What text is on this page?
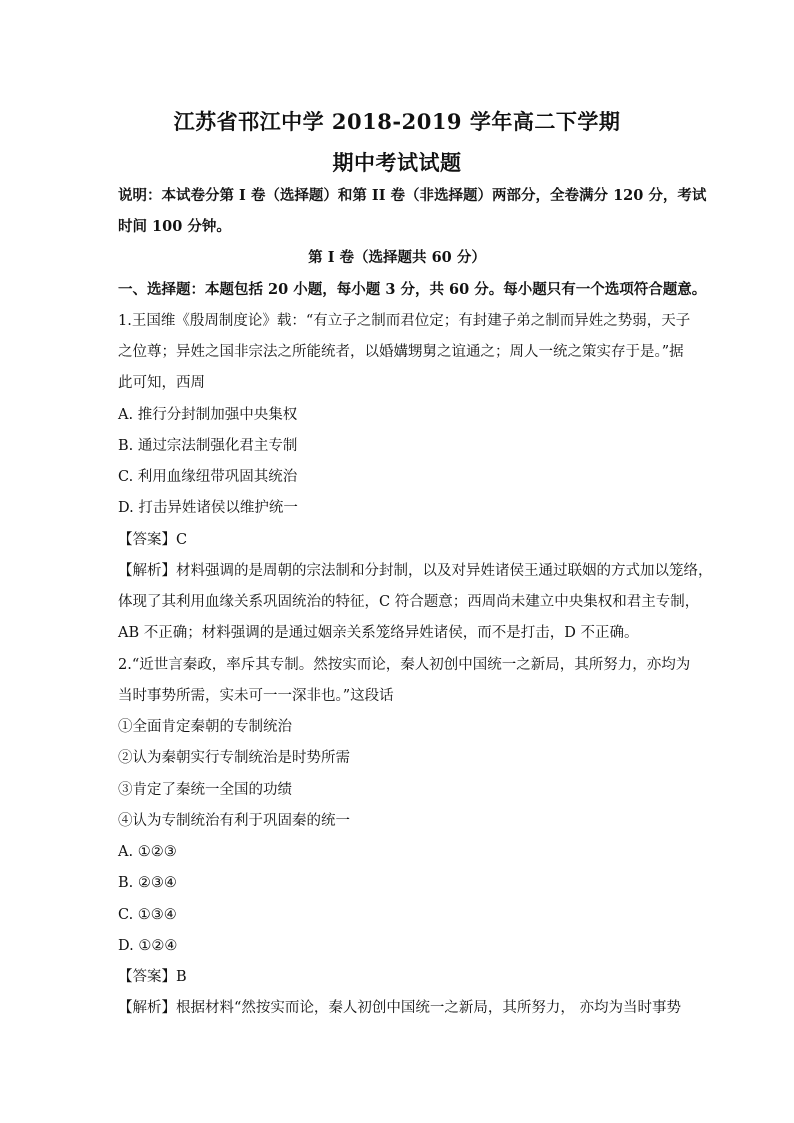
江苏省邗江中学 2018-2019 学年高二下学期
期中考试试题
说明：本试卷分第 I 卷（选择题）和第 II 卷（非选择题）两部分，全卷满分 120 分，考试
时间 100 分钟。
第 I 卷（选择题共 60 分）
一、选择题：本题包括 20 小题，每小题 3 分，共 60 分。每小题只有一个选项符合题意。
1.王国维《殷周制度论》载：“有立子之制而君位定；有封建子弟之制而异姓之势弱，天子
之位尊；异姓之国非宗法之所能统者，以婚媾甥舅之谊通之；周人一统之策实存于是。”据
此可知，西周
A. 推行分封制加强中央集权
B. 通过宗法制强化君主专制
C. 利用血缘纽带巩固其统治
D. 打击异姓诸侯以维护统一
【答案】C
【解析】材料强调的是周朝的宗法制和分封制，以及对异姓诸侯王通过联姻的方式加以笼络，
体现了其利用血缘关系巩固统治的特征，C 符合题意；西周尚未建立中央集权和君主专制，
AB 不正确；材料强调的是通过姻亲关系笼络异姓诸侯，而不是打击，D 不正确。
2.“近世言秦政，率斥其专制。然按实而论，秦人初创中国统一之新局，其所努力，亦均为
当时事势所需，实未可一一深非也。”这段话
①全面肯定秦朝的专制统治
②认为秦朝实行专制统治是时势所需
③肯定了秦统一全国的功绩
④认为专制统治有利于巩固秦的统一
A. ①②③
B. ②③④
C. ①③④
D. ①②④
【答案】B
【解析】根据材料“然按实而论，秦人初创中国统一之新局，其所努力， 亦均为当时事势
